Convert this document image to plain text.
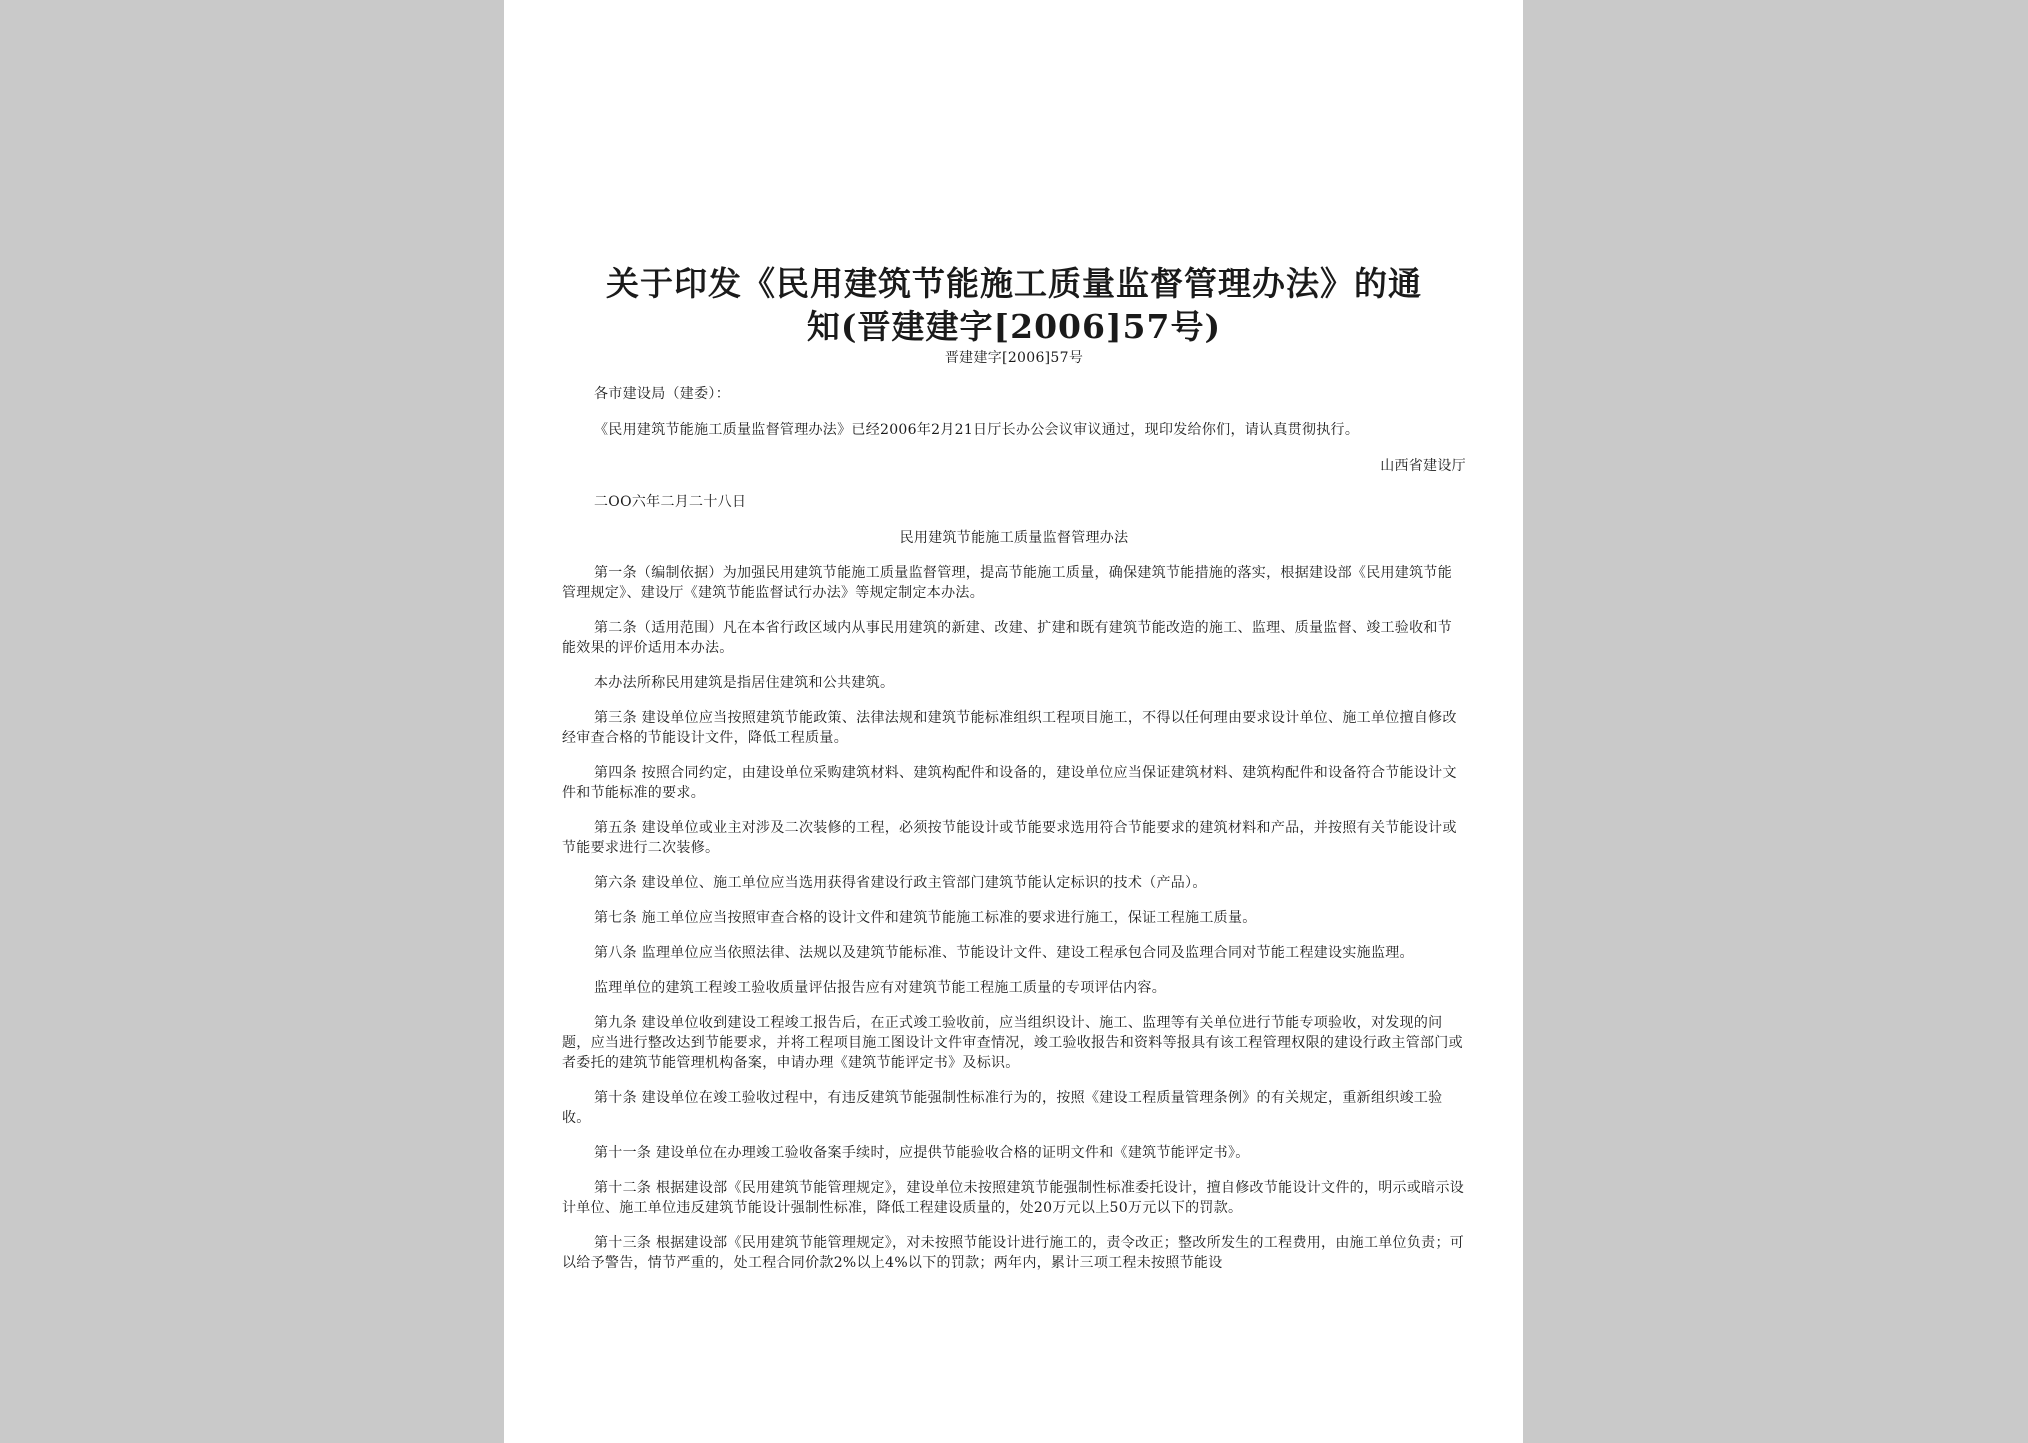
关于印发《民用建筑节能施工质量监督管理办法》的通

知(晋建建字[2006]57号)

晋建建字[2006]57号

各市建设局（建委）：

《民用建筑节能施工质量监督管理办法》已经2006年2月21日厅长办公会议审议通过，现印发给你们，请认真贯彻执行。

山西省建设厅

二OO六年二月二十八日

民用建筑节能施工质量监督管理办法

第一条（编制依据）为加强民用建筑节能施工质量监督管理，提高节能施工质量，确保建筑节能措施的落实，根据建设部《民用建筑节能管理规定》、建设厅《建筑节能监督试行办法》等规定制定本办法。

第二条（适用范围）凡在本省行政区域内从事民用建筑的新建、改建、扩建和既有建筑节能改造的施工、监理、质量监督、竣工验收和节能效果的评价适用本办法。

本办法所称民用建筑是指居住建筑和公共建筑。

第三条 建设单位应当按照建筑节能政策、法律法规和建筑节能标准组织工程项目施工，不得以任何理由要求设计单位、施工单位擅自修改经审查合格的节能设计文件，降低工程质量。

第四条 按照合同约定，由建设单位采购建筑材料、建筑构配件和设备的，建设单位应当保证建筑材料、建筑构配件和设备符合节能设计文件和节能标准的要求。

第五条 建设单位或业主对涉及二次装修的工程，必须按节能设计或节能要求选用符合节能要求的建筑材料和产品，并按照有关节能设计或节能要求进行二次装修。

第六条 建设单位、施工单位应当选用获得省建设行政主管部门建筑节能认定标识的技术（产品）。

第七条 施工单位应当按照审查合格的设计文件和建筑节能施工标准的要求进行施工，保证工程施工质量。

第八条 监理单位应当依照法律、法规以及建筑节能标准、节能设计文件、建设工程承包合同及监理合同对节能工程建设实施监理。

监理单位的建筑工程竣工验收质量评估报告应有对建筑节能工程施工质量的专项评估内容。

第九条 建设单位收到建设工程竣工报告后，在正式竣工验收前，应当组织设计、施工、监理等有关单位进行节能专项验收，对发现的问题，应当进行整改达到节能要求，并将工程项目施工图设计文件审查情况，竣工验收报告和资料等报具有该工程管理权限的建设行政主管部门或者委托的建筑节能管理机构备案，申请办理《建筑节能评定书》及标识。

第十条 建设单位在竣工验收过程中，有违反建筑节能强制性标准行为的，按照《建设工程质量管理条例》的有关规定，重新组织竣工验收。

第十一条 建设单位在办理竣工验收备案手续时，应提供节能验收合格的证明文件和《建筑节能评定书》。

第十二条 根据建设部《民用建筑节能管理规定》，建设单位未按照建筑节能强制性标准委托设计，擅自修改节能设计文件的，明示或暗示设计单位、施工单位违反建筑节能设计强制性标准，降低工程建设质量的，处20万元以上50万元以下的罚款。

第十三条 根据建设部《民用建筑节能管理规定》，对未按照节能设计进行施工的，责令改正；整改所发生的工程费用，由施工单位负责；可以给予警告，情节严重的，处工程合同价款2%以上4%以下的罚款；两年内，累计三项工程未按照节能设
